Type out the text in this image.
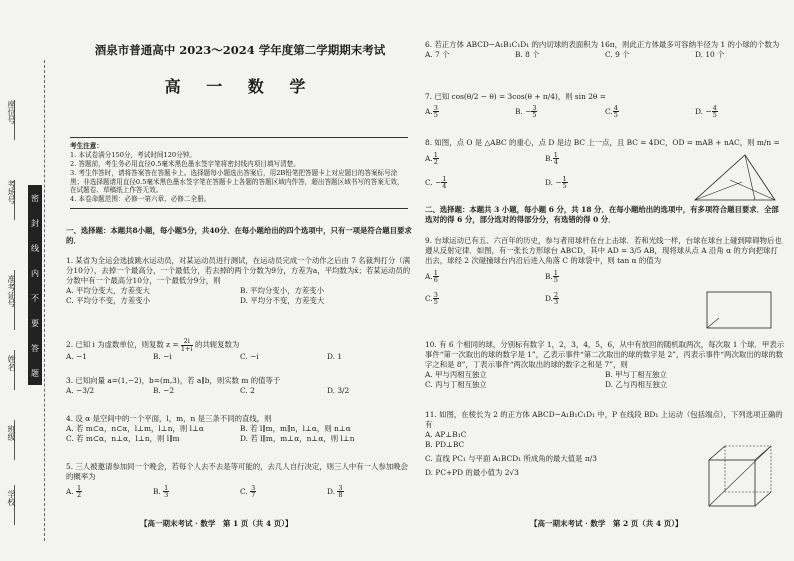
座位号
考场号
准考证号
姓名
班级
学校
密
封
线
内
不
要
答
题
酒泉市普通高中 2023～2024 学年度第二学期期末考试
高 一 数 学
考生注意：
1. 本试卷满分150分，考试时间120分钟。
2. 答题前，考生务必用直径0.5毫米黑色墨水签字笔将密封线内项目填写清楚。
3. 考生作答时，请将答案答在答题卡上。选择题每小题选出答案后，用2B铅笔把答题卡上对应题目的答案标号涂黑；非选择题请用直径0.5毫米黑色墨水签字笔在答题卡上各题的答题区域内作答，超出答题区域书写的答案无效，在试题卷、草稿纸上作答无效。
4. 本卷命题范围：必修一第六章、必修二全册。
一、选择题：本题共8小题，每小题5分，共40分．在每小题给出的四个选项中，只有一项是符合题目要求的．
1. 某省为全运会选拔跳水运动员，对某运动员进行测试，在运动员完成一个动作之后由 7 名裁判打分（满分10分），去掉一个最高分，一个最低分，若去掉的两个分数为9分，方差为a，平均数为x̄；若某运动员的分数中有一个最高分10分，一个最低分9分，则
A. 平均分变大，方差变大	B. 平均分变小，方差变小
C. 平均分不变，方差变小	D. 平均分不变，方差变大
2. 已知 i 为虚数单位，则复数 $z = \frac{2i}{1+i}$ 的共轭复数为
A. −1	B. −i	C. −i	D. 1
3. 已知向量 a=(1,−2)，b=(m,3)，若 a∥b，则实数 m 的值等于
A. −3/2	B. −2	C. 2	D. 3/2
4. 设 α 是空间中的一个平面，l，m，n 是三条不同的直线，则
A. 若 m⊂α，n⊂α，l⊥m，l⊥n，则 l⊥α	B. 若 l∥m，m∥n，l⊥α，则 n⊥α
C. 若 m⊂α，n⊥α，l⊥n，则 l∥m	D. 若 l∥m，m⊥α，n⊥α，则 l⊥n
5. 三人被邀请参加同一个晚会，若每个人去不去是等可能的，去几人自行决定，则三人中有一人参加晚会的概率为
A. $\frac{1}{2}$	B. $\frac{1}{3}$	C. $\frac{3}{7}$	D. $\frac{3}{8}$
【高一期末考试 · 数学　第 1 页（共 4 页）】
6. 若正方体 ABCD−A₁B₁C₁D₁ 的内切球的表面积为 16π，则此正方体最多可容纳半径为 1 的小球的个数为
A. 7 个	B. 8 个	C. 9 个	D. 10 个
7. 已知 cos(θ/2 − θ) = 3cos(θ + π/4)，则 sin 2θ =
A. $\frac{3}{5}$	B. − $\frac{3}{5}$	C. $\frac{4}{5}$	D. − $\frac{4}{5}$
8. 如图，点 O 是 △ABC 的重心，点 D 是边 BC 上一点，且 BC = 4DC，OD = mAB + nAC，则 m/n =
A. $\frac{1}{2}$	B. $\frac{1}{4}$
C. − $\frac{1}{4}$	D. − $\frac{1}{5}$
二、选择题：本题共 3 小题，每小题 6 分，共 18 分．在每小题给出的选项中，有多项符合题目要求．全部选对的得 6 分，部分选对的得部分分，有选错的得 0 分．
9. 台球运动已有五、六百年的历史，参与者用球杆在台上击球．若和光线一样，台球在球台上碰到障碍物后也遵从反射定律．如图，有一张长方形球台 ABCD，其中 AD = 3/5 AB，现将球从点 A 沿角 α 的方向把球打出去，球经 2 次碰撞球台内沿后进入角落 C 的球袋中，则 tan α 的值为
A. $\frac{1}{6}$	B. $\frac{1}{5}$
C. $\frac{3}{5}$	D. $\frac{2}{3}$
10. 有 6 个相同的球，分别标有数字 1，2，3，4，5，6，从中有放回的随机取两次，每次取 1 个球．甲表示事件“第一次取出的球的数字是 1”，乙表示事件“第二次取出的球的数字是 2”，丙表示事件“两次取出的球的数字之和是 8”，丁表示事件“两次取出的球的数字之和是 7”，则
A. 甲与丙相互独立	B. 甲与丁相互独立
C. 丙与丁相互独立	D. 乙与丙相互独立
11. 如图，在棱长为 2 的正方体 ABCD−A₁B₁C₁D₁ 中，P 在线段 BD₁ 上运动（包括端点），下列选项正确的有
A. AP⊥B₁C
B. PD⊥BC
C. 直线 PC₁ 与平面 A₁BCD₁ 所成角的最大值是 π/3
D. PC+PD 的最小值为 2√3
【高一期末考试 · 数学　第 2 页（共 4 页）】
